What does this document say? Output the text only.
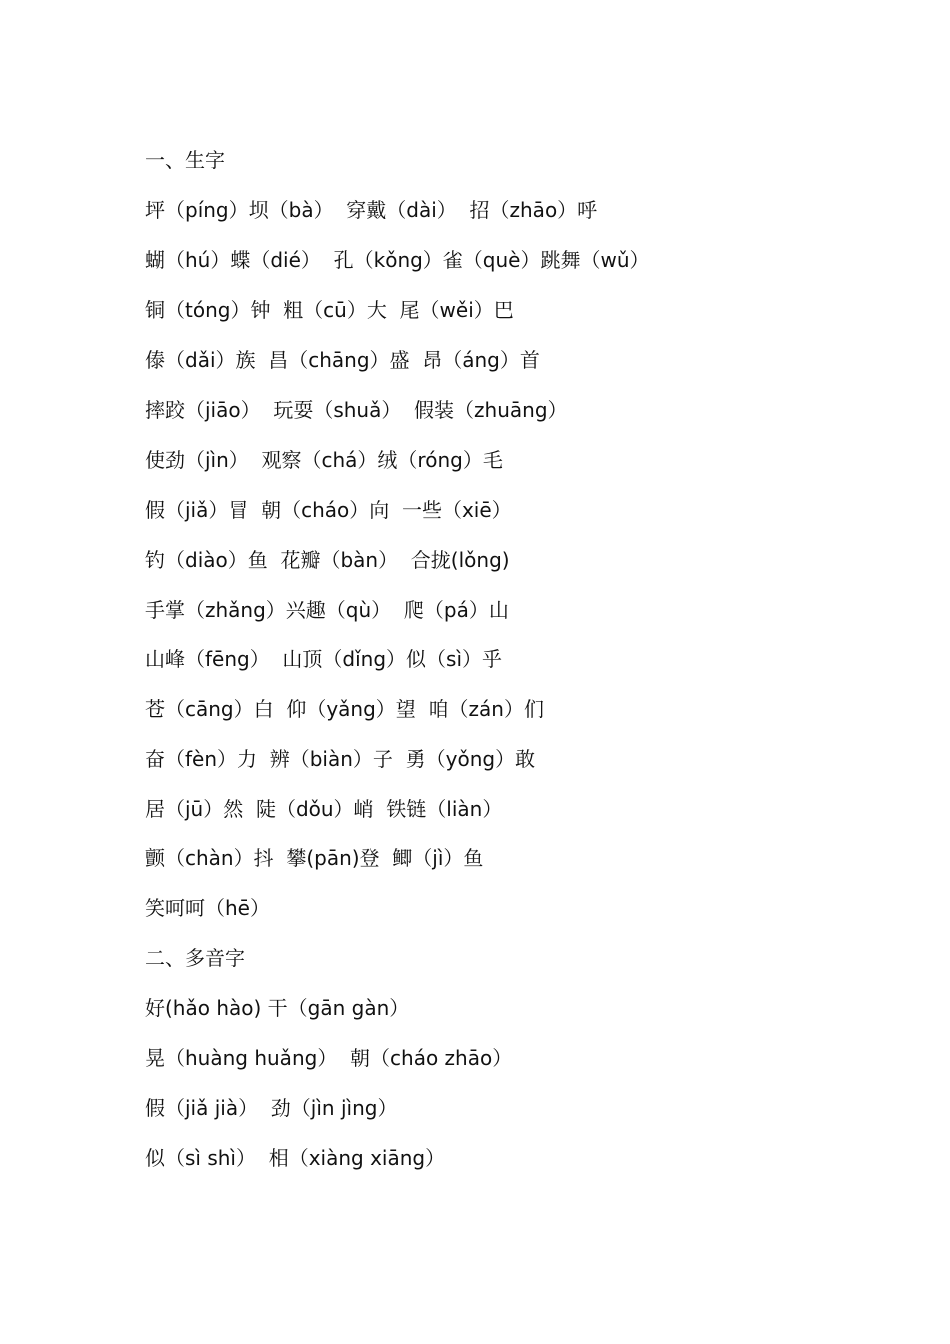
一、生字
坪（píng）坝（bà）  穿戴（dài）  招（zhāo）呼
蝴（hú）蝶（dié）  孔（kǒng）雀（què）跳舞（wǔ）
铜（tóng）钟  粗（cū）大  尾（wěi）巴
傣（dǎi）族  昌（chāng）盛  昂（áng）首
摔跤（jiāo）  玩耍（shuǎ）  假装（zhuāng）
使劲（jìn）  观察（chá）绒（róng）毛
假（jiǎ）冒  朝（cháo）向  一些（xiē）
钓（diào）鱼  花瓣（bàn）  合拢(lǒng)
手掌（zhǎng）兴趣（qù）  爬（pá）山
山峰（fēng）  山顶（dǐng）似（sì）乎
苍（cāng）白  仰（yǎng）望  咱（zán）们
奋（fèn）力  辨（biàn）子  勇（yǒng）敢
居（jū）然  陡（dǒu）峭  铁链（liàn）
颤（chàn）抖  攀(pān)登  鲫（jì）鱼
笑呵呵（hē）
二、多音字
好(hǎo hào) 干（gān gàn）
晃（huàng huǎng）  朝（cháo zhāo）
假（jiǎ jià）  劲（jìn jìng）
似（sì shì）  相（xiàng xiāng）
